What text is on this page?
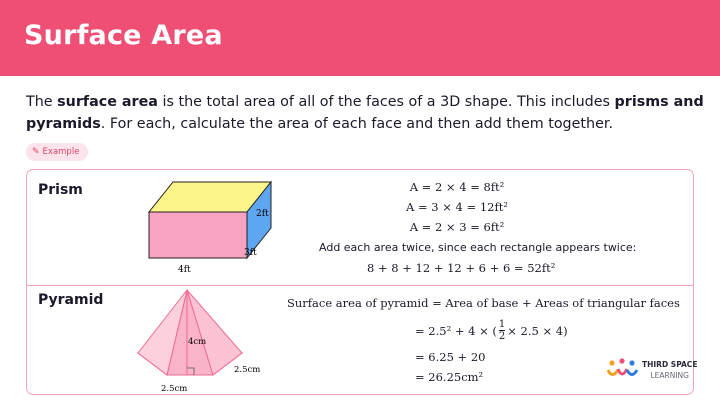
Surface Area
The surface area is the total area of all of the faces of a 3D shape. This includes prisms and pyramids. For each, calculate the area of each face and then add them together.
✎ Example
Prism
2ft
3ft
4ft
4cm
2.5cm
2.5cm
A = 2 × 4 = 8ft²
A = 3 × 4 = 12ft²
A = 2 × 3 = 6ft²
Add each area twice, since each rectangle appears twice:
8 + 8 + 12 + 12 + 6 + 6 = 52ft²
Pyramid	Surface area of pyramid = Area of base + Areas of triangular faces
= 2.5² + 4 × ( $\frac{1}{2} \times 2.5 \times 4$)
= 6.25 + 20
= 26.25cm²
THIRD SPACE
LEARNING
